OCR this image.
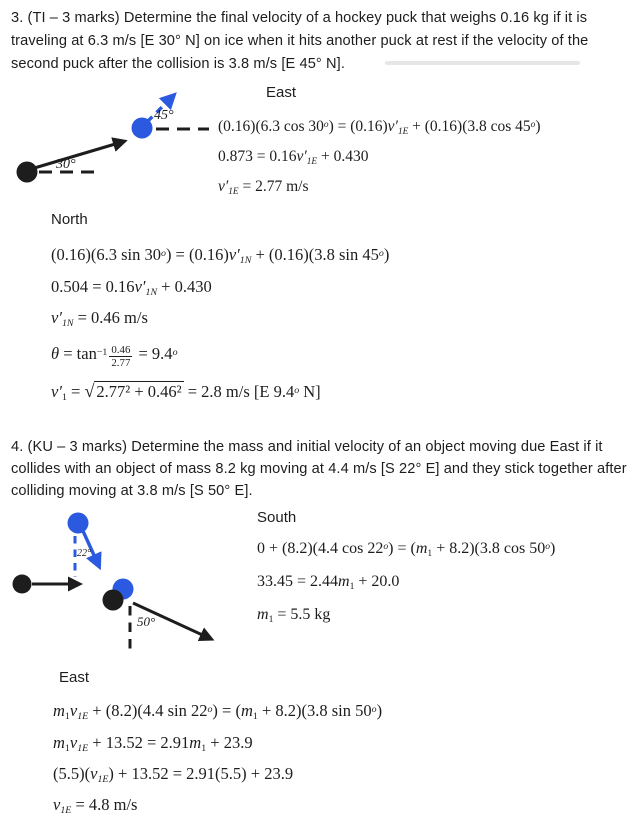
3. (TI – 3 marks) Determine the final velocity of a hockey puck that weighs 0.16 kg if it is
traveling at 6.3 m/s [E 30° N] on ice when it hits another puck at rest if the velocity of the
second puck after the collision is 3.8 m/s [E 45° N].
30°
45°
East
(0.16)(6.3 $\cos 30^o) = (0.16)v'1E + (0.16)(3.8$ cos 45$^o$)
0.873 = 0.16v′1E + 0.430
v′1E = 2.77 m/s
North
(0.16)(6.3 $\sin 30^o) = (0.16)v'1N + (0.16)(3.8$ sin 45$^o$)
0.504 = 0.16v′1N + 0.430
v′1N = 0.46 m/s
$\theta = \tan^{-1} \frac{0.46}{2.77} = 9.4^o$
v′1 = √ 2.77² + 0.46² = 2.8 m/s [E 9.4$^o$ N]
4. (KU – 3 marks) Determine the mass and initial velocity of an object moving due East if it
collides with an object of mass 8.2 kg moving at 4.4 m/s [S 22° E] and they stick together after
colliding moving at 3.8 m/s [S 50° E].
22°
50°
South
0 + (8.2)(4.4 $\cos 22^o) = (m1 + 8.2)(3.8$ cos 50$^o$)
33.45 = 2.44m1 + 20.0
m1 = 5.5 kg
East
m1v1E + (8.2)(4.4 $\sin 22^o) = (m1 + 8.2)(3.8$ sin 50$^o$)
m1v1E + 13.52 = 2.91m1 + 23.9
(5.5)(v1E) + 13.52 = 2.91(5.5) + 23.9
v1E = 4.8 m/s
